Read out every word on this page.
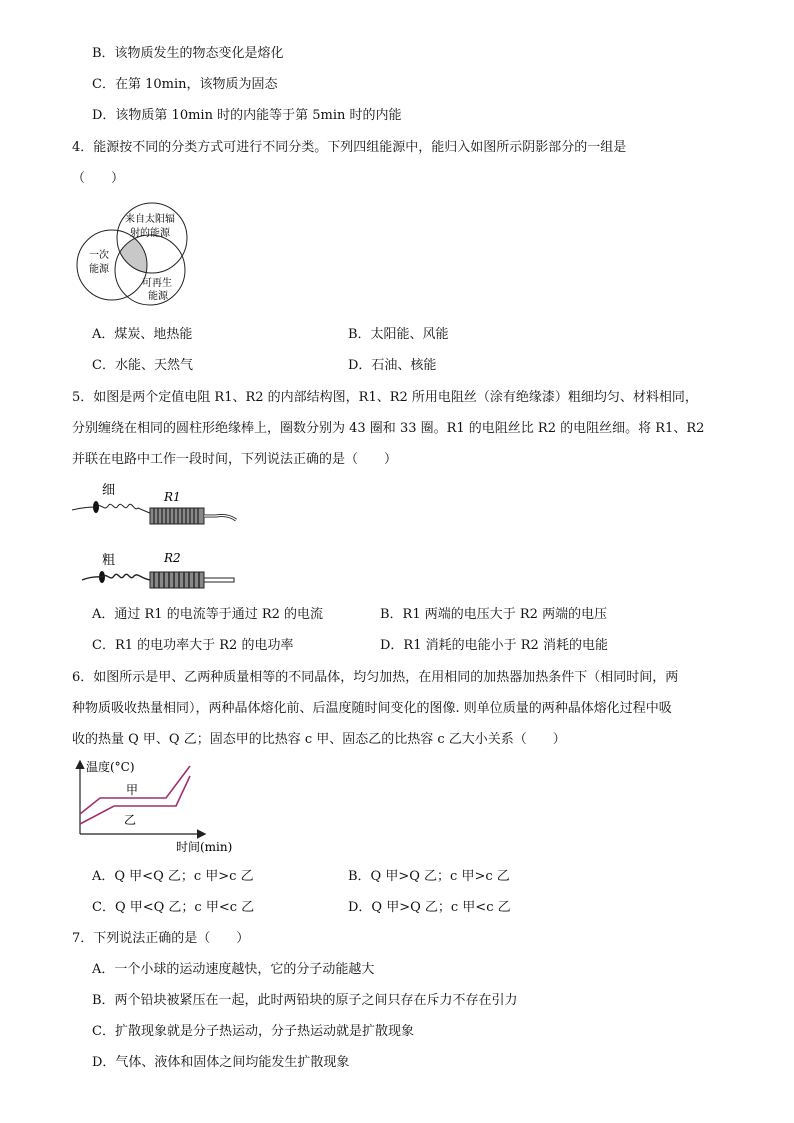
B．该物质发生的物态变化是熔化
C．在第 10min，该物质为固态
D．该物质第 10min 时的内能等于第 5min 时的内能
4．能源按不同的分类方式可进行不同分类。下列四组能源中，能归入如图所示阴影部分的一组是
（　　）
来自太阳辐
射的能源
一次
能源
可再生
能源
A．煤炭、地热能	B．太阳能、风能
C．水能、天然气	D．石油、核能
5．如图是两个定值电阻 R1、R2 的内部结构图，R1、R2 所用电阻丝（涂有绝缘漆）粗细均匀、材料相同，
分别缠绕在相同的圆柱形绝缘棒上，圈数分别为 43 圈和 33 圈。R1 的电阻丝比 R2 的电阻丝细。将 R1、R2
并联在电路中工作一段时间，下列说法正确的是（　　）
细	R1
粗	R2
A．通过 R1 的电流等于通过 R2 的电流	B．R1 两端的电压大于 R2 两端的电压
C．R1 的电功率大于 R2 的电功率	D．R1 消耗的电能小于 R2 消耗的电能
6．如图所示是甲、乙两种质量相等的不同晶体，均匀加热，在用相同的加热器加热条件下（相同时间，两
种物质吸收热量相同），两种晶体熔化前、后温度随时间变化的图像. 则单位质量的两种晶体熔化过程中吸
收的热量 Q 甲、Q 乙；固态甲的比热容 c 甲、固态乙的比热容 c 乙大小关系（　　）
温度(°C)
时间(min)
甲
乙
A．Q 甲<Q 乙；c 甲>c 乙	B．Q 甲>Q 乙；c 甲>c 乙
C．Q 甲<Q 乙；c 甲<c 乙	D．Q 甲>Q 乙；c 甲<c 乙
7．下列说法正确的是（　　）
A．一个小球的运动速度越快，它的分子动能越大
B．两个铅块被紧压在一起，此时两铅块的原子之间只存在斥力不存在引力
C．扩散现象就是分子热运动，分子热运动就是扩散现象
D．气体、液体和固体之间均能发生扩散现象
